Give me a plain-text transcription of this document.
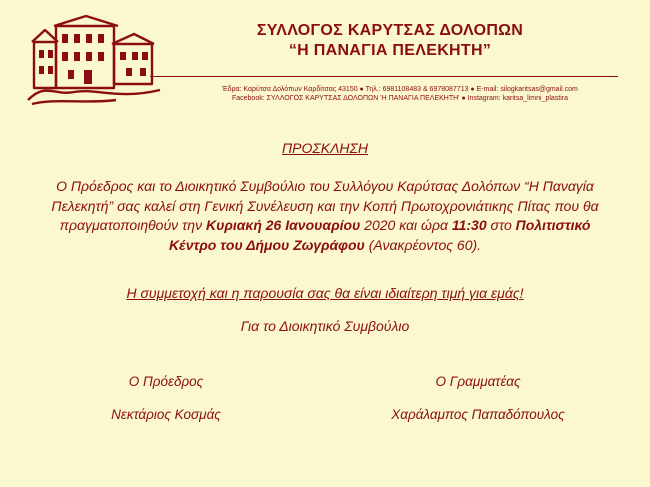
ΣΥΛΛΟΓΟΣ ΚΑΡΥΤΣΑΣ ΔΟΛΟΠΩΝ

“Η ΠΑΝΑΓΙΑ ΠΕΛΕΚΗΤΗ”

Έδρα: Καρύτσα Δολόπων Καρδίτσας 43150 ● Τηλ.: 6981108483 & 6978087713 ● E-mail: silogkaritsas@gmail.com

Facebook: ΣΥΛΛΟΓΟΣ ΚΑΡΥΤΣΑΣ ΔΟΛΟΠΩΝ 'Η ΠΑΝΑΓΙΑ ΠΕΛΕΚΗΤΗ' ● Instagram: karitsa_limni_plastira

ΠΡΟΣΚΛΗΣΗ

Ο Πρόεδρος και το Διοικητικό Συμβούλιο του Συλλόγου Καρύτσας Δολόπων “Η Παναγία Πελεκητή” σας καλεί στη Γενική Συνέλευση και την Κοπή Πρωτοχρονιάτικης Πίτας που θα πραγματοποιηθούν την Κυριακή 26 Ιανουαρίου 2020 και ώρα 11:30 στο Πολιτιστικό Κέντρο του Δήμου Ζωγράφου (Ανακρέοντος 60).

Η συμμετοχή και η παρουσία σας θα είναι ιδιαίτερη τιμή για εμάς!

Για το Διοικητικό Συμβούλιο

Ο Πρόεδρος	Ο Γραμματέας

Νεκτάριος Κοσμάς	Χαράλαμπος Παπαδόπουλος
